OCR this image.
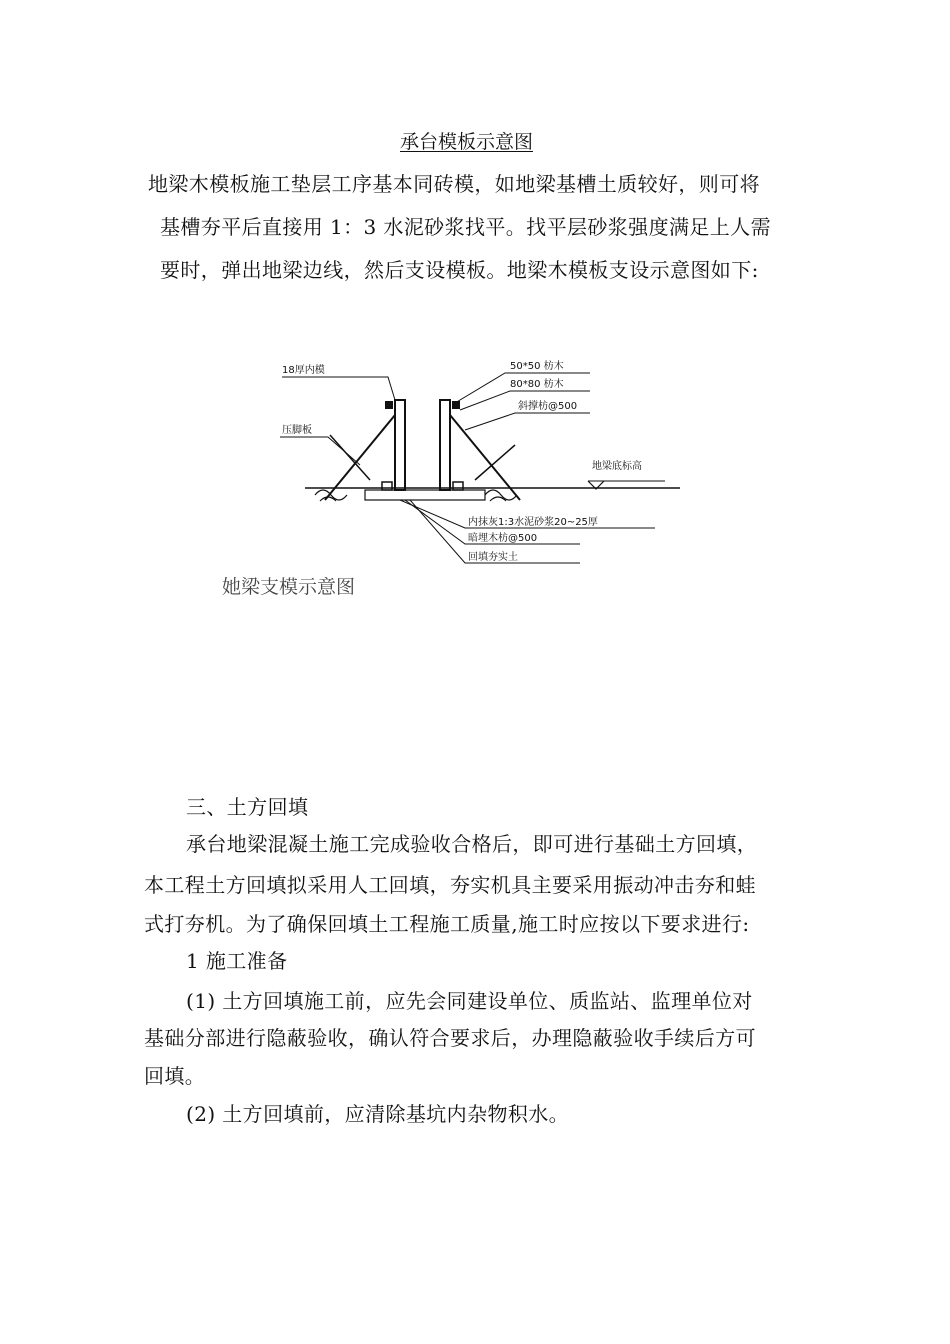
承台模板示意图
地梁木模板施工垫层工序基本同砖模，如地梁基槽土质较好，则可将
基槽夯平后直接用 1：3 水泥砂浆找平。找平层砂浆强度满足上人需
要时，弹出地梁边线，然后支设模板。地梁木模板支设示意图如下:
18厚内模
压脚板
50*50 枋木
80*80 枋木
斜撑枋@500
地梁底标高
内抹灰1:3水泥砂浆20~25厚
暗埋木枋@500
回填夯实土
她梁支模示意图
三、土方回填
承台地梁混凝土施工完成验收合格后，即可进行基础土方回填，
本工程土方回填拟采用人工回填，夯实机具主要采用振动冲击夯和蛙
式打夯机。为了确保回填土工程施工质量,施工时应按以下要求进行:
1 施工准备
(1) 土方回填施工前，应先会同建设单位、质监站、监理单位对
基础分部进行隐蔽验收，确认符合要求后，办理隐蔽验收手续后方可
回填。
(2) 土方回填前，应清除基坑内杂物积水。
